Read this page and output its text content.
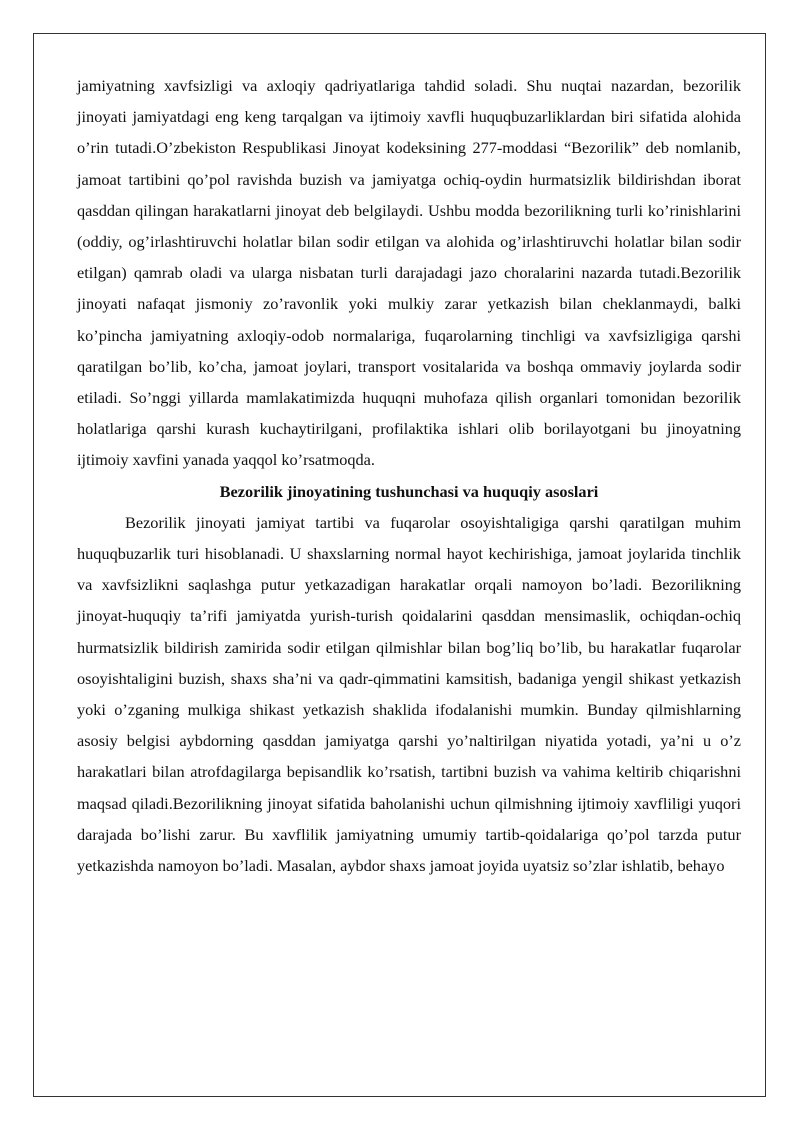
jamiyatning xavfsizligi va axloqiy qadriyatlariga tahdid soladi. Shu nuqtai nazardan, bezorilik jinoyati jamiyatdagi eng keng tarqalgan va ijtimoiy xavfli huquqbuzarliklardan biri sifatida alohida o’rin tutadi.O’zbekiston Respublikasi Jinoyat kodeksining 277-moddasi “Bezorilik” deb nomlanib, jamoat tartibini qo’pol ravishda buzish va jamiyatga ochiq-oydin hurmatsizlik bildirishdan iborat qasddan qilingan harakatlarni jinoyat deb belgilaydi. Ushbu modda bezorilikning turli ko’rinishlarini (oddiy, og’irlashtiruvchi holatlar bilan sodir etilgan va alohida og’irlashtiruvchi holatlar bilan sodir etilgan) qamrab oladi va ularga nisbatan turli darajadagi jazo choralarini nazarda tutadi.Bezorilik jinoyati nafaqat jismoniy zo’ravonlik yoki mulkiy zarar yetkazish bilan cheklanmaydi, balki ko’pincha jamiyatning axloqiy-odob normalariga, fuqarolarning tinchligi va xavfsizligiga qarshi qaratilgan bo’lib, ko’cha, jamoat joylari, transport vositalarida va boshqa ommaviy joylarda sodir etiladi. So’nggi yillarda mamlakatimizda huquqni muhofaza qilish organlari tomonidan bezorilik holatlariga qarshi kurash kuchaytirilgani, profilaktika ishlari olib borilayotgani bu jinoyatning ijtimoiy xavfini yanada yaqqol ko’rsatmoqda.

Bezorilik jinoyatining tushunchasi va huquqiy asoslari

Bezorilik jinoyati jamiyat tartibi va fuqarolar osoyishtaligiga qarshi qaratilgan muhim huquqbuzarlik turi hisoblanadi. U shaxslarning normal hayot kechirishiga, jamoat joylarida tinchlik va xavfsizlikni saqlashga putur yetkazadigan harakatlar orqali namoyon bo’ladi. Bezorilikning jinoyat-huquqiy ta’rifi jamiyatda yurish-turish qoidalarini qasddan mensimaslik, ochiqdan-ochiq hurmatsizlik bildirish zamirida sodir etilgan qilmishlar bilan bog’liq bo’lib, bu harakatlar fuqarolar osoyishtaligini buzish, shaxs sha’ni va qadr-qimmatini kamsitish, badaniga yengil shikast yetkazish yoki o’zganing mulkiga shikast yetkazish shaklida ifodalanishi mumkin. Bunday qilmishlarning asosiy belgisi aybdorning qasddan jamiyatga qarshi yo’naltirilgan niyatida yotadi, ya’ni u o’z harakatlari bilan atrofdagilarga bepisandlik ko’rsatish, tartibni buzish va vahima keltirib chiqarishni maqsad qiladi.Bezorilikning jinoyat sifatida baholanishi uchun qilmishning ijtimoiy xavfliligi yuqori darajada bo’lishi zarur. Bu xavflilik jamiyatning umumiy tartib-qoidalariga qo’pol tarzda putur yetkazishda namoyon bo’ladi. Masalan, aybdor shaxs jamoat joyida uyatsiz so’zlar ishlatib, behayo
